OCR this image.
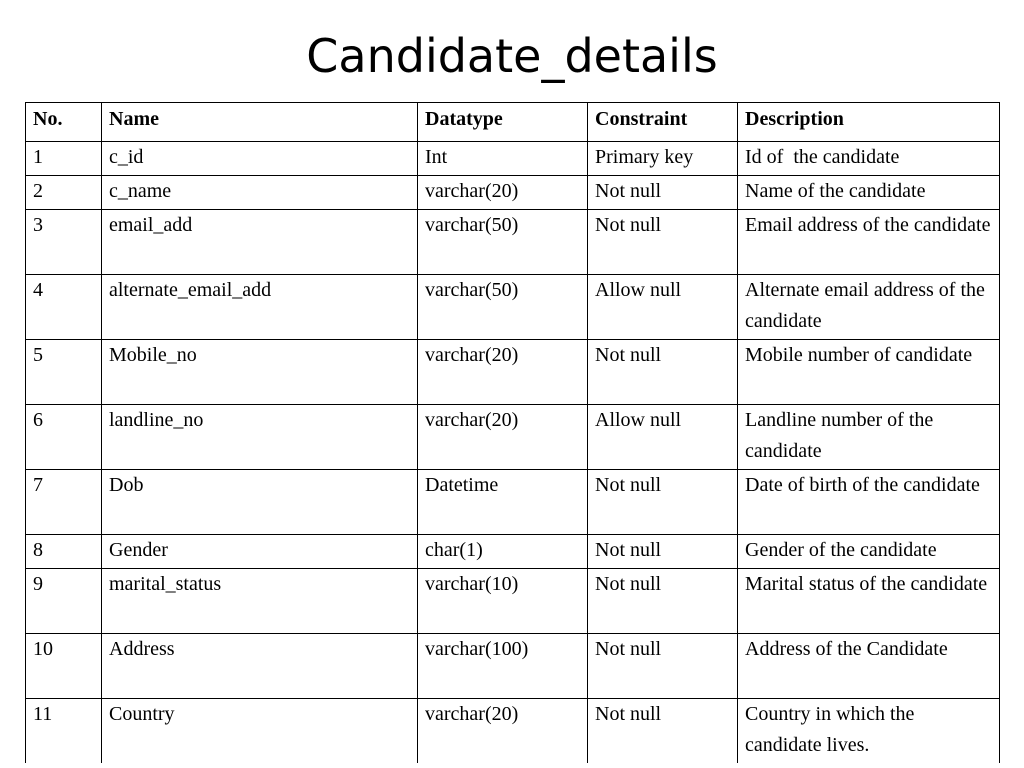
Candidate_details
No.	Name	Datatype	Constraint	Description
1	c_id	Int	Primary key	Id of  the candidate
2	c_name	varchar(20)	Not null	Name of the candidate
3	email_add	varchar(50)	Not null	Email address of the candidate
4	alternate_email_add	varchar(50)	Allow null	Alternate email address of the candidate
5	Mobile_no	varchar(20)	Not null	Mobile number of candidate
6	landline_no	varchar(20)	Allow null	Landline number of the candidate
7	Dob	Datetime	Not null	Date of birth of the candidate
8	Gender	char(1)	Not null	Gender of the candidate
9	marital_status	varchar(10)	Not null	Marital status of the candidate
10	Address	varchar(100)	Not null	Address of the Candidate
11	Country	varchar(20)	Not null	Country in which the candidate lives.
